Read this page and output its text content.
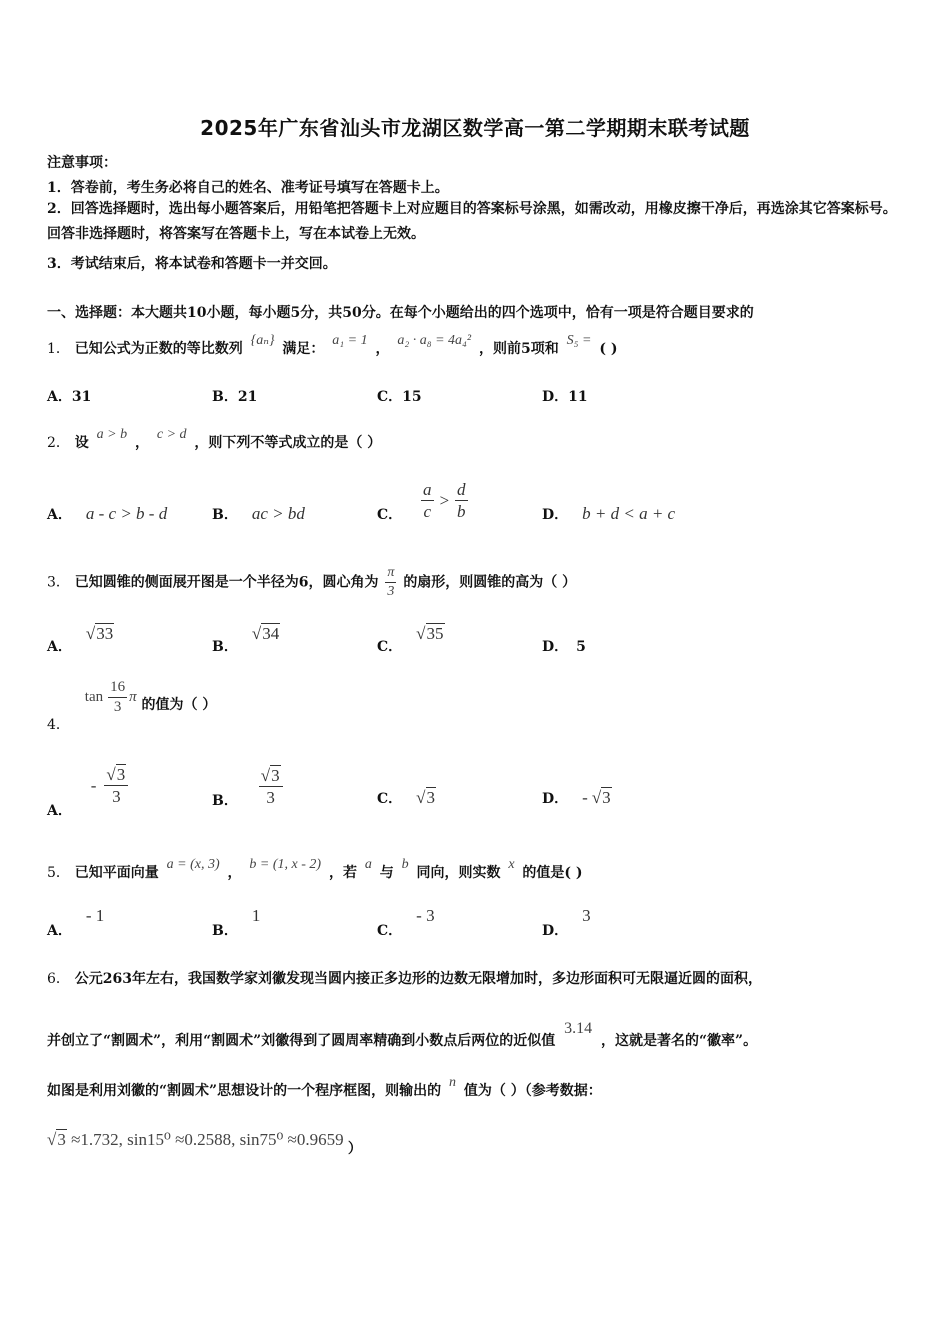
2025年广东省汕头市龙湖区数学高一第二学期期末联考试题
注意事项：
1．答卷前，考生务必将自己的姓名、准考证号填写在答题卡上。
2．回答选择题时，选出每小题答案后，用铅笔把答题卡上对应题目的答案标号涂黑，如需改动，用橡皮擦干净后，再选涂其它答案标号。回答非选择题时，将答案写在答题卡上，写在本试卷上无效。
3．考试结束后，将本试卷和答题卡一并交回。
一、选择题：本大题共10小题，每小题5分，共50分。在每个小题给出的四个选项中，恰有一项是符合题目要求的
1． 已知公式为正数的等比数列 {aₙ} 满足： a₁ = 1 ， a₂ · a₈ = 4a₄² ，则前5项和 S₅ = ( )
A．31	B．21	C．15	D．11
2． 设 a > b ， c > d ，则下列不等式成立的是（ ）
A． a - c > b - d	B． ac > bd	C． $\frac{a}{c} > \frac{d}{b}$	D． b + d < a + c
3． 已知圆锥的侧面展开图是一个半径为6，圆心角为 $\frac{\pi}{3}$ 的扇形，则圆锥的高为（ ）
A．√33
B．√34
C．√35
D． 5
4．
$\tan \frac{16}{3}$ π 的值为（ ）
A．
- $\frac{√3}{3}$	B． $\frac{√3}{3}$	C． √3	D． - √3
5． 已知平面向量 a = (x, 3) ， b = (1, x - 2) ，若 a 与 b 同向，则实数 x 的值是( )
A．- 1
B．1
C．- 3
D．3
6． 公元263年左右，我国数学家刘徽发现当圆内接正多边形的边数无限增加时，多边形面积可无限逼近圆的面积，
并创立了“割圆术”，利用“割圆术”刘徽得到了圆周率精确到小数点后两位的近似值 3.14 ，这就是著名的“徽率”。
如图是利用刘徽的“割圆术”思想设计的一个程序框图，则输出的 n 值为（ ）（参考数据：
√3 ≈1.732, sin15⁰ ≈0.2588, sin75⁰ ≈0.9659 ）
